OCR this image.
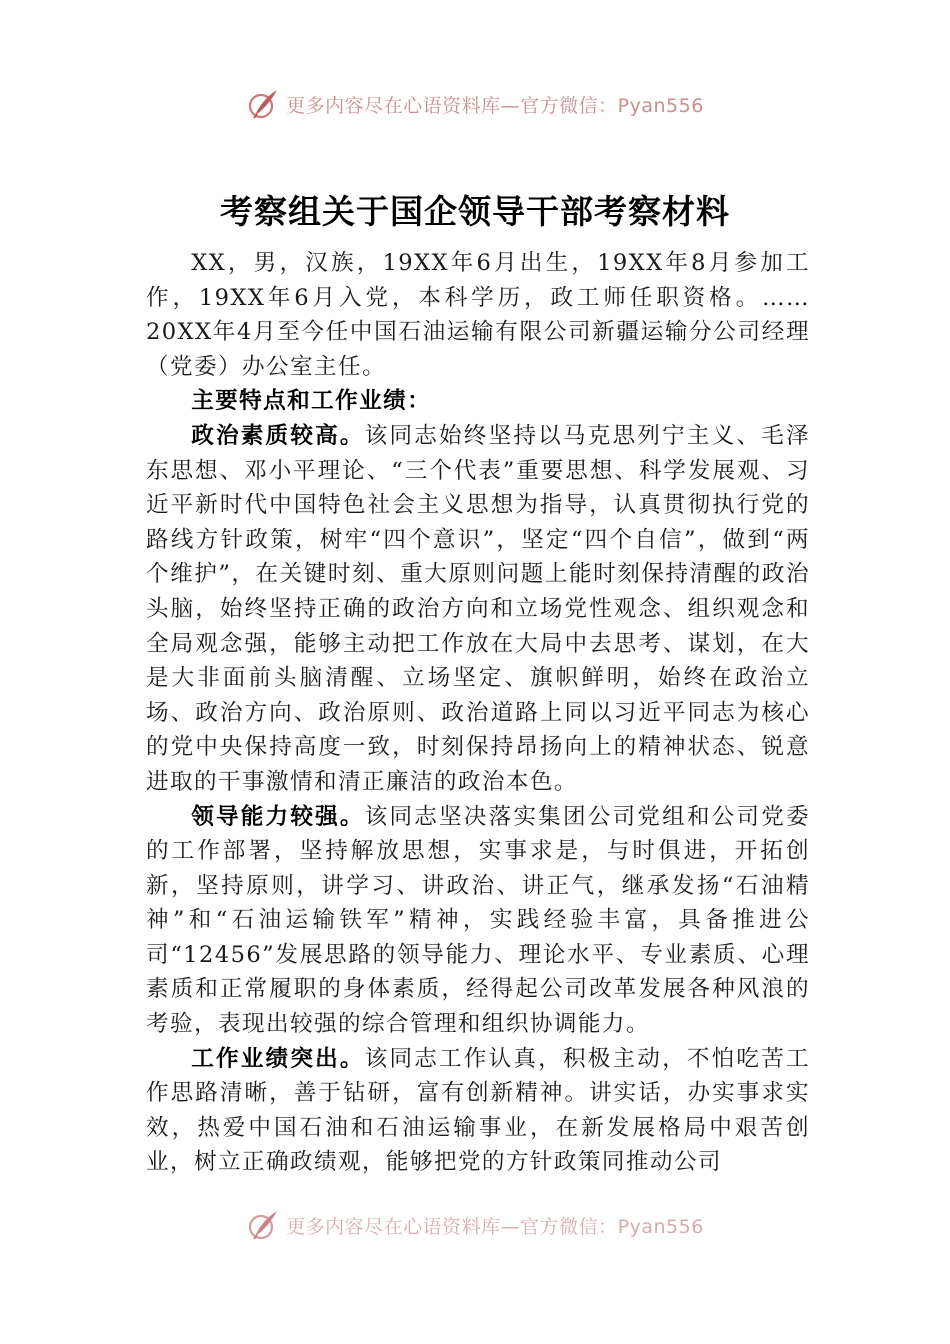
更多内容尽在心语资料库—官方微信：Pyan556
考察组关于国企领导干部考察材料

XX，男，汉族，19XX年6月出生，19XX年8月参加工作，19XX年6月入党，本科学历，政工师任职资格。……20XX年4月至今任中国石油运输有限公司新疆运输分公司经理（党委）办公室主任。

主要特点和工作业绩：

政治素质较高。该同志始终坚持以马克思列宁主义、毛泽东思想、邓小平理论、“三个代表”重要思想、科学发展观、习近平新时代中国特色社会主义思想为指导，认真贯彻执行党的路线方针政策，树牢“四个意识”，坚定“四个自信”，做到“两个维护”，在关键时刻、重大原则问题上能时刻保持清醒的政治头脑，始终坚持正确的政治方向和立场党性观念、组织观念和全局观念强，能够主动把工作放在大局中去思考、谋划，在大是大非面前头脑清醒、立场坚定、旗帜鲜明，始终在政治立场、政治方向、政治原则、政治道路上同以习近平同志为核心的党中央保持高度一致，时刻保持昂扬向上的精神状态、锐意进取的干事激情和清正廉洁的政治本色。

领导能力较强。该同志坚决落实集团公司党组和公司党委的工作部署，坚持解放思想，实事求是，与时俱进，开拓创新，坚持原则，讲学习、讲政治、讲正气，继承发扬“石油精神”和“石油运输铁军”精神，实践经验丰富，具备推进公司“12456”发展思路的领导能力、理论水平、专业素质、心理素质和正常履职的身体素质，经得起公司改革发展各种风浪的考验，表现出较强的综合管理和组织协调能力。

工作业绩突出。该同志工作认真，积极主动，不怕吃苦工作思路清晰，善于钻研，富有创新精神。讲实话，办实事求实效，热爱中国石油和石油运输事业，在新发展格局中艰苦创业，树立正确政绩观，能够把党的方针政策同推动公司

更多内容尽在心语资料库—官方微信：Pyan556
